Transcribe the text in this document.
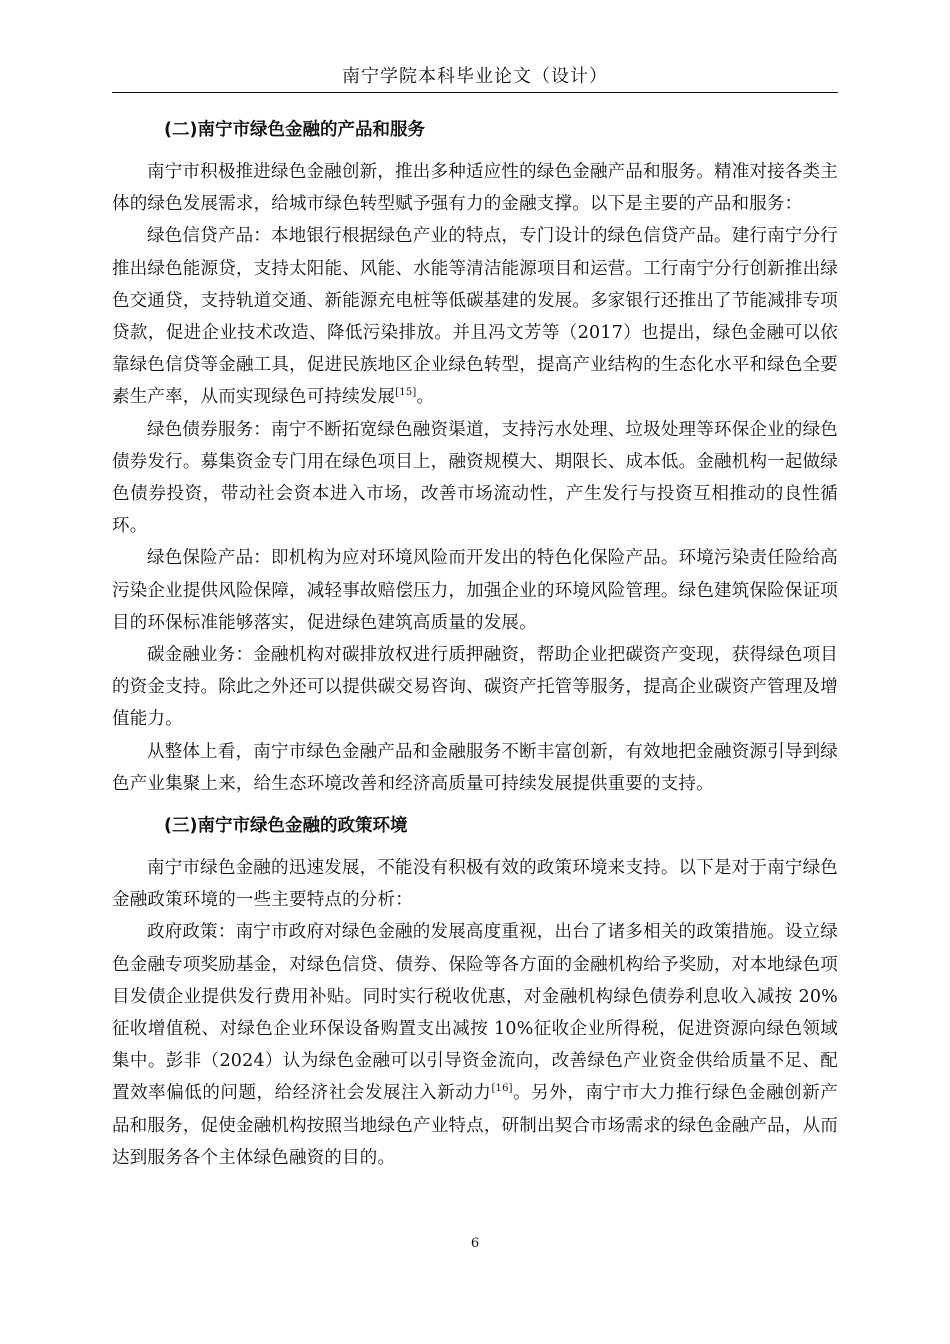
南宁学院本科毕业论文（设计）
(二)南宁市绿色金融的产品和服务

南宁市积极推进绿色金融创新，推出多种适应性的绿色金融产品和服务。精准对接各类主体的绿色发展需求，给城市绿色转型赋予强有力的金融支撑。以下是主要的产品和服务：

绿色信贷产品：本地银行根据绿色产业的特点，专门设计的绿色信贷产品。建行南宁分行推出绿色能源贷，支持太阳能、风能、水能等清洁能源项目和运营。工行南宁分行创新推出绿色交通贷，支持轨道交通、新能源充电桩等低碳基建的发展。多家银行还推出了节能减排专项贷款，促进企业技术改造、降低污染排放。并且冯文芳等（2017）也提出，绿色金融可以依靠绿色信贷等金融工具，促进民族地区企业绿色转型，提高产业结构的生态化水平和绿色全要素生产率，从而实现绿色可持续发展[15]。

绿色债券服务：南宁不断拓宽绿色融资渠道，支持污水处理、垃圾处理等环保企业的绿色债券发行。募集资金专门用在绿色项目上，融资规模大、期限长、成本低。金融机构一起做绿色债券投资，带动社会资本进入市场，改善市场流动性，产生发行与投资互相推动的良性循环。

绿色保险产品：即机构为应对环境风险而开发出的特色化保险产品。环境污染责任险给高污染企业提供风险保障，减轻事故赔偿压力，加强企业的环境风险管理。绿色建筑保险保证项目的环保标准能够落实，促进绿色建筑高质量的发展。

碳金融业务：金融机构对碳排放权进行质押融资，帮助企业把碳资产变现，获得绿色项目的资金支持。除此之外还可以提供碳交易咨询、碳资产托管等服务，提高企业碳资产管理及增值能力。

从整体上看，南宁市绿色金融产品和金融服务不断丰富创新，有效地把金融资源引导到绿色产业集聚上来，给生态环境改善和经济高质量可持续发展提供重要的支持。

(三)南宁市绿色金融的政策环境

南宁市绿色金融的迅速发展，不能没有积极有效的政策环境来支持。以下是对于南宁绿色金融政策环境的一些主要特点的分析：

政府政策：南宁市政府对绿色金融的发展高度重视，出台了诸多相关的政策措施。设立绿色金融专项奖励基金，对绿色信贷、债券、保险等各方面的金融机构给予奖励，对本地绿色项目发债企业提供发行费用补贴。同时实行税收优惠，对金融机构绿色债券利息收入减按 20%征收增值税、对绿色企业环保设备购置支出减按 10%征收企业所得税，促进资源向绿色领域集中。彭非（2024）认为绿色金融可以引导资金流向，改善绿色产业资金供给质量不足、配置效率偏低的问题，给经济社会发展注入新动力[16]。另外，南宁市大力推行绿色金融创新产品和服务，促使金融机构按照当地绿色产业特点，研制出契合市场需求的绿色金融产品，从而达到服务各个主体绿色融资的目的。

6
